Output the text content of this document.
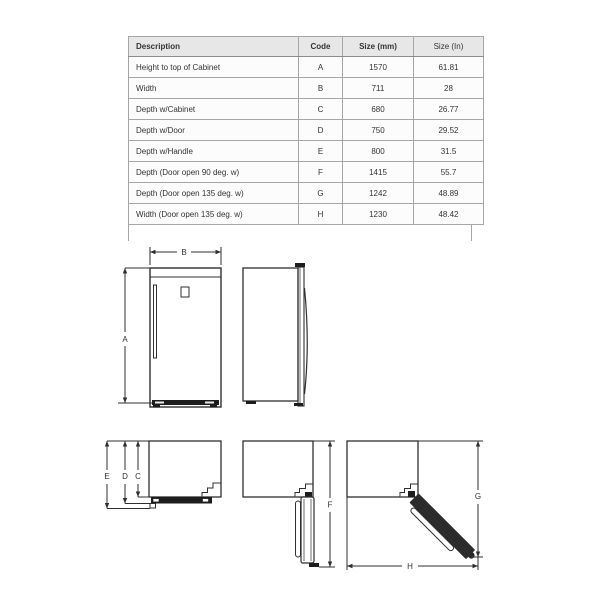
Description	Code	Size (mm)	Size (In)
Height to top of Cabinet	A	1570	61.81
Width	B	711	28
Depth w/Cabinet	C	680	26.77
Depth w/Door	D	750	29.52
Depth w/Handle	E	800	31.5
Depth (Door open 90 deg. w)	F	1415	55.7
Depth (Door open 135 deg. w)	G	1242	48.89
Width (Door open 135 deg. w)	H	1230	48.42
A
B
E D C
F
G
H
